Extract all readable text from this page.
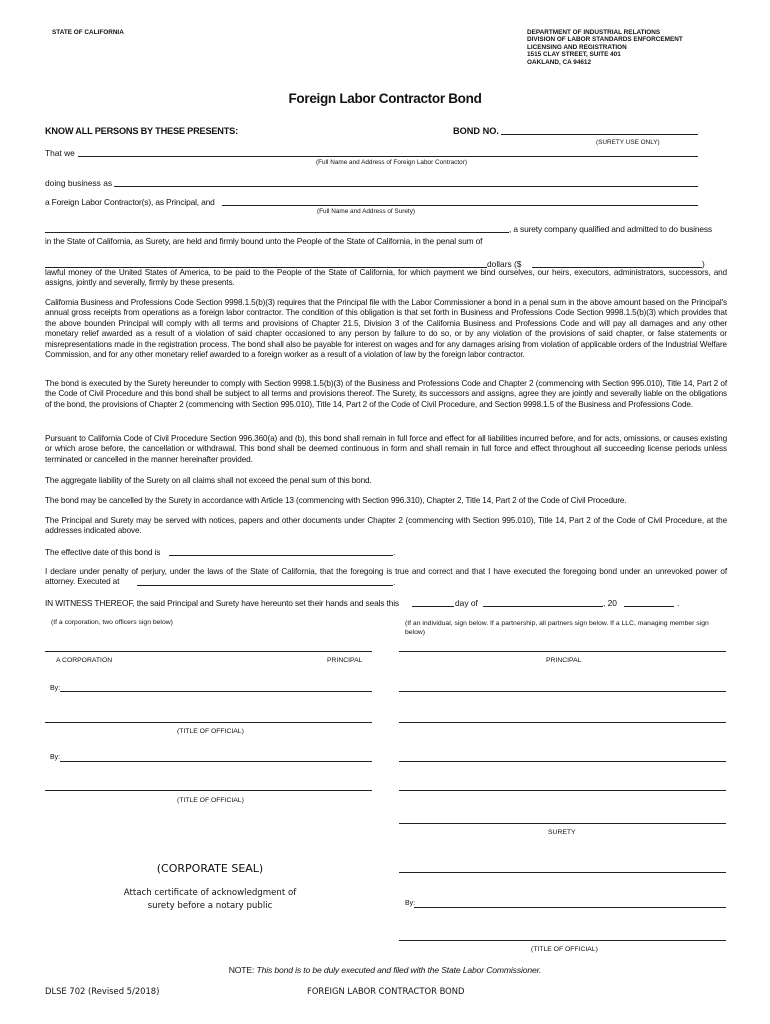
STATE OF CALIFORNIA	DEPARTMENT OF INDUSTRIAL RELATIONS
DIVISION OF LABOR STANDARDS ENFORCEMENT
LICENSING AND REGISTRATION
1515 CLAY STREET, SUITE 401
OAKLAND, CA 94612
Foreign Labor Contractor Bond
KNOW ALL PERSONS BY THESE PRESENTS:	BOND NO.
(SURETY USE ONLY)
That we
(Full Name and Address of Foreign Labor Contractor)
doing business as
a Foreign Labor Contractor(s), as Principal, and
(Full Name and Address of Surety)
, a surety company qualified and admitted to do business
in the State of California, as Surety, are held and firmly bound unto the People of the State of California, in the penal sum of
dollars ($	)
lawful money of the United States of America, to be paid to the People of the State of California, for which payment we bind ourselves, our heirs, executors, administrators, successors, and assigns, jointly and severally, firmly by these presents.
California Business and Professions Code Section 9998.1.5(b)(3) requires that the Principal file with the Labor Commissioner a bond in a penal sum in the above amount based on the Principal's annual gross receipts from operations as a foreign labor contractor. The condition of this obligation is that set forth in Business and Professions Code Section 9998.1.5(b)(3) which provides that the above bounden Principal will comply with all terms and provisions of Chapter 21.5, Division 3 of the California Business and Professions Code and will pay all damages and any other monetary relief awarded as a result of a violation of said chapter occasioned to any person by failure to do so, or by any violation of the provisions of said chapter, or false statements or misrepresentations made in the registration process. The bond shall also be payable for interest on wages and for any damages arising from violation of applicable orders of the Industrial Welfare Commission, and for any other monetary relief awarded to a foreign worker as a result of a violation of law by the foreign labor contractor.
The bond is executed by the Surety hereunder to comply with Section 9998.1.5(b)(3) of the Business and Professions Code and Chapter 2 (commencing with Section 995.010), Title 14, Part 2 of the Code of Civil Procedure and this bond shall be subject to all terms and provisions thereof. The Surety, its successors and assigns, agree they are jointly and severally liable on the obligations of the bond, the provisions of Chapter 2 (commencing with Section 995.010), Title 14, Part 2 of the Code of Civil Procedure, and Section 9998.1.5 of the Business and Professions Code.
Pursuant to California Code of Civil Procedure Section 996.360(a) and (b), this bond shall remain in full force and effect for all liabilities incurred before, and for acts, omissions, or causes existing or which arose before, the cancellation or withdrawal. This bond shall be deemed continuous in form and shall remain in full force and effect throughout all succeeding license periods unless terminated or cancelled in the manner hereinafter provided.
The aggregate liability of the Surety on all claims shall not exceed the penal sum of this bond.
The bond may be cancelled by the Surety in accordance with Article 13 (commencing with Section 996.310), Chapter 2, Title 14, Part 2 of the Code of Civil Procedure.
The Principal and Surety may be served with notices, papers and other documents under Chapter 2 (commencing with Section 995.010), Title 14, Part 2 of the Code of Civil Procedure, at the addresses indicated above.
The effective date of this bond is	.
I declare under penalty of perjury, under the laws of the State of California, that the foregoing is true and correct and that I have executed the foregoing bond under an unrevoked power of attorney. Executed at	.
IN WITNESS THEREOF, the said Principal and Surety have hereunto set their hands and seals this	day of	, 20	.
(If a corporation, two officers sign below)	(If an individual, sign below. If a partnership, all partners sign below. If a LLC, managing member sign below)
A CORPORATION	PRINCIPAL
By:
(TITLE OF OFFICIAL)
By:
(TITLE OF OFFICIAL)
PRINCIPAL
SURETY
(CORPORATE SEAL)
Attach certificate of acknowledgment of
surety before a notary public	By:
(TITLE OF OFFICIAL)
NOTE: This bond is to be duly executed and filed with the State Labor Commissioner.
DLSE 702 (Revised 5/2018)	FOREIGN LABOR CONTRACTOR BOND
